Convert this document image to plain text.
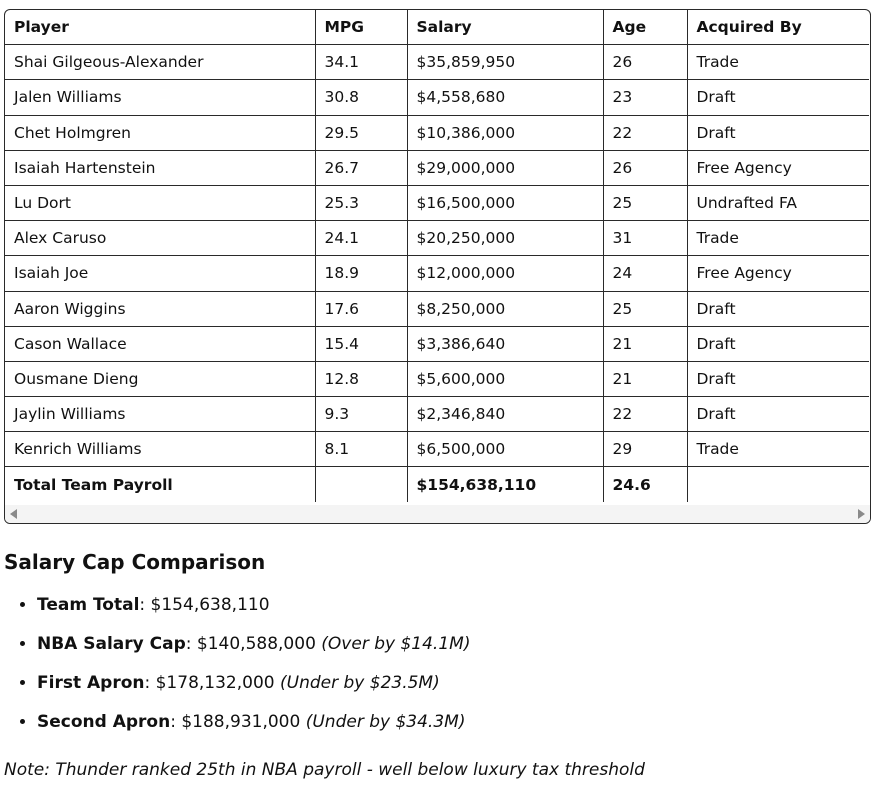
Player	MPG	Salary	Age	Acquired By
Shai Gilgeous-Alexander	34.1	$35,859,950	26	Trade
Jalen Williams	30.8	$4,558,680	23	Draft
Chet Holmgren	29.5	$10,386,000	22	Draft
Isaiah Hartenstein	26.7	$29,000,000	26	Free Agency
Lu Dort	25.3	$16,500,000	25	Undrafted FA
Alex Caruso	24.1	$20,250,000	31	Trade
Isaiah Joe	18.9	$12,000,000	24	Free Agency
Aaron Wiggins	17.6	$8,250,000	25	Draft
Cason Wallace	15.4	$3,386,640	21	Draft
Ousmane Dieng	12.8	$5,600,000	21	Draft
Jaylin Williams	9.3	$2,346,840	22	Draft
Kenrich Williams	8.1	$6,500,000	29	Trade
Total Team Payroll		$154,638,110	24.6	
Salary Cap Comparison
• Team Total: $154,638,110
• NBA Salary Cap: $140,588,000 (Over by $14.1M)
• First Apron: $178,132,000 (Under by $23.5M)
• Second Apron: $188,931,000 (Under by $34.3M)

Note: Thunder ranked 25th in NBA payroll - well below luxury tax threshold
